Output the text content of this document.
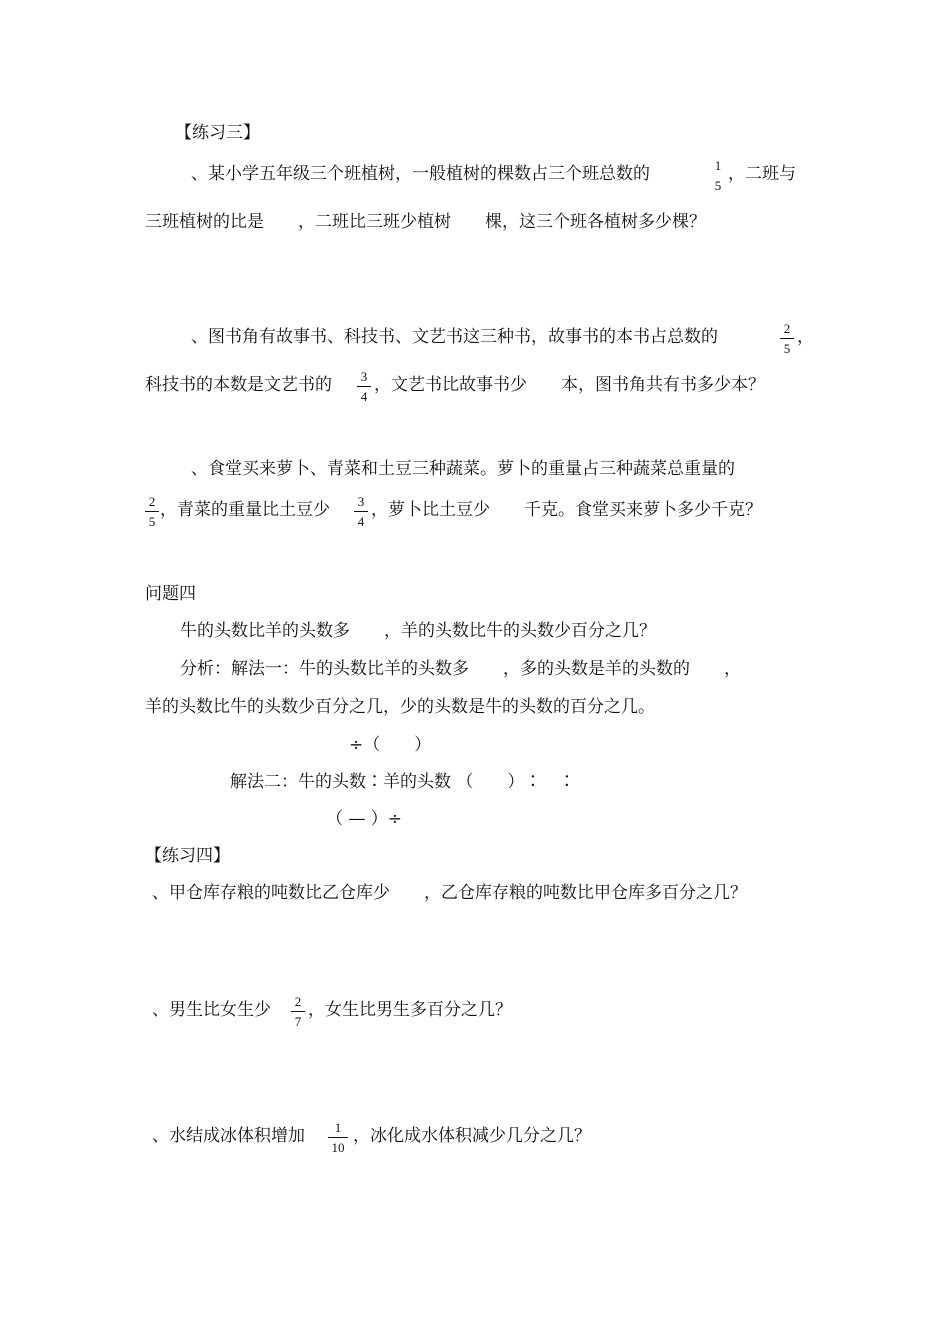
【练习三】
、某小学五年级三个班植树，一般植树的棵数占三个班总数的	1
5
，二班与
三班植树的比是　　，二班比三班少植树　　棵，这三个班各植树多少棵？
、图书角有故事书、科技书、文艺书这三种书，故事书的本书占总数的	2
5
，
科技书的本数是文艺书的	3
4
，文艺书比故事书少　　本，图书角共有书多少本？
、食堂买来萝卜、青菜和土豆三种蔬菜。萝卜的重量占三种蔬菜总重量的
2
5
，青菜的重量比土豆少	3
4
，萝卜比土豆少　　千克。食堂买来萝卜多少千克？
问题四
牛的头数比羊的头数多　　，羊的头数比牛的头数少百分之几？
分析：解法一：牛的头数比羊的头数多　　，多的头数是羊的头数的　　，
羊的头数比牛的头数少百分之几，少的头数是牛的头数的百分之几。
÷（　　）
解法二：牛的头数∶羊的头数 （　　）∶　∶
（ — ）÷
【练习四】
、甲仓库存粮的吨数比乙仓库少　　，乙仓库存粮的吨数比甲仓库多百分之几？
、男生比女生少	2
7
，女生比男生多百分之几？
、水结成冰体积增加	1
10
，冰化成水体积减少几分之几？
